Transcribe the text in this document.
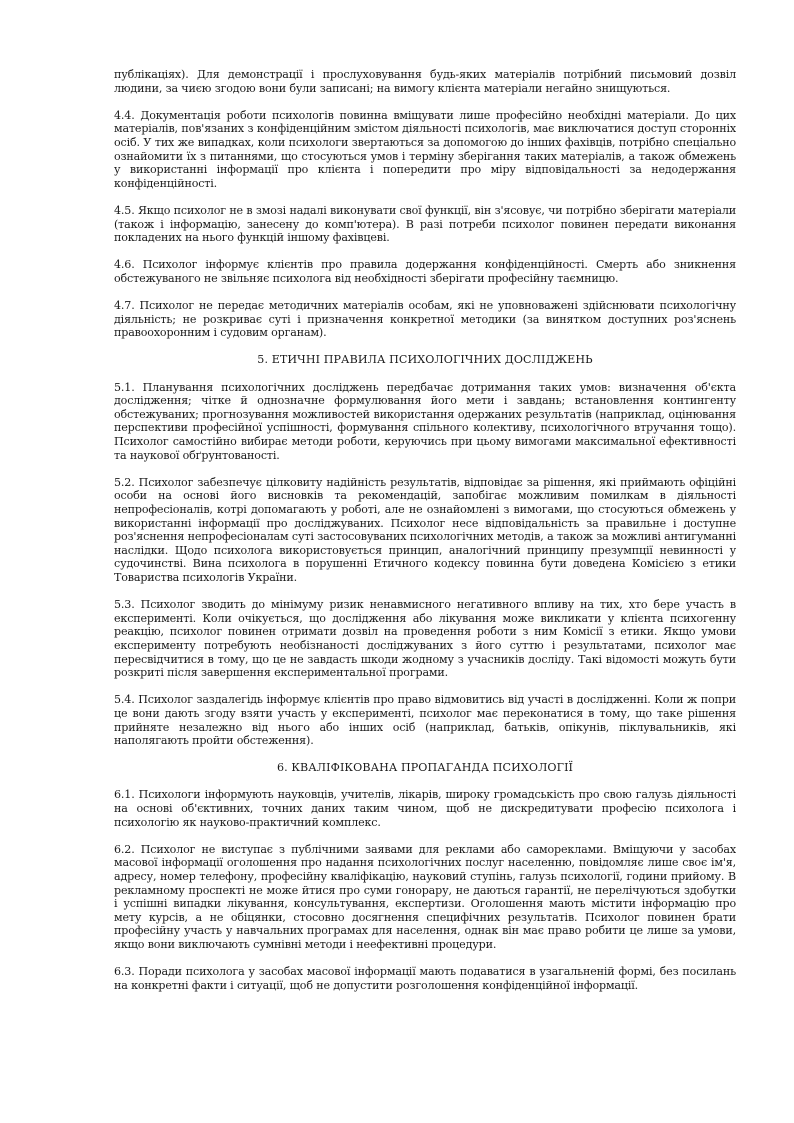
публікаціях). Для демонстрації і прослуховування будь-яких матеріалів потрібний письмовий дозвіл людини, за чиєю згодою вони були записані; на вимогу клієнта матеріали негайно знищуються.

4.4. Документація роботи психологів повинна вміщувати лише професійно необхідні матеріали. До цих матеріалів, пов'язаних з конфіденційним змістом діяльності психологів, має виключатися доступ сторонніх осіб. У тих же випадках, коли психологи звертаються за допомогою до інших фахівців, потрібно спеціально ознайомити їх з питаннями, що стосуються умов і терміну зберігання таких матеріалів, а також обмежень у використанні інформації про клієнта і попередити про міру відповідальності за недодержання конфіденційності.

4.5. Якщо психолог не в змозі надалі виконувати свої функції, він з'ясовує, чи потрібно зберігати матеріали (також і інформацію, занесену до комп'ютера). В разі потреби психолог повинен передати виконання покладених на нього функцій іншому фахівцеві.

4.6. Психолог інформує клієнтів про правила додержання конфіденційності. Смерть або зникнення обстежуваного не звільняє психолога від необхідності зберігати професійну таємницю.

4.7. Психолог не передає методичних матеріалів особам, які не уповноважені здійснювати психологічну діяльність; не розкриває суті і призначення конкретної методики (за винятком доступних роз'яснень правоохоронним і судовим органам).

5. ЕТИЧНІ ПРАВИЛА ПСИХОЛОГІЧНИХ ДОСЛІДЖЕНЬ

5.1. Планування психологічних досліджень передбачає дотримання таких умов: визначення об'єкта дослідження; чітке й однозначне формулювання його мети і завдань; встановлення контингенту обстежуваних; прогнозування можливостей використання одержаних результатів (наприклад, оцінювання перспективи професійної успішності, формування спільного колективу, психологічного втручання тощо). Психолог самостійно вибирає методи роботи, керуючись при цьому вимогами максимальної ефективності та наукової обґрунтованості.

5.2. Психолог забезпечує цілковиту надійність результатів, відповідає за рішення, які приймають офіційні особи на основі його висновків та рекомендацій, запобігає можливим помилкам в діяльності непрофесіоналів, котрі допомагають у роботі, але не ознайомлені з вимогами, що стосуються обмежень у використанні інформації про досліджуваних. Психолог несе відповідальність за правильне і доступне роз'яснення непрофесіоналам суті застосовуваних психологічних методів, а також за можливі антигуманні наслідки. Щодо психолога використовується принцип, аналогічний принципу презумпції невинності у судочинстві. Вина психолога в порушенні Етичного кодексу повинна бути доведена Комісією з етики Товариства психологів України.

5.3. Психолог зводить до мінімуму ризик ненавмисного негативного впливу на тих, хто бере участь в експерименті. Коли очікується, що дослідження або лікування може викликати у клієнта психогенну реакцію, психолог повинен отримати дозвіл на проведення роботи з ним Комісії з етики. Якщо умови експерименту потребують необізнаності досліджуваних з його суттю і результатами, психолог має пересвідчитися в тому, що це не завдасть шкоди жодному з учасників досліду. Такі відомості можуть бути розкриті після завершення експериментальної програми.

5.4. Психолог заздалегідь інформує клієнтів про право відмовитись від участі в дослідженні. Коли ж попри це вони дають згоду взяти участь у експерименті, психолог має переконатися в тому, що таке рішення прийняте незалежно від нього або інших осіб (наприклад, батьків, опікунів, піклувальників, які наполягають пройти обстеження).

6. КВАЛІФІКОВАНА ПРОПАГАНДА ПСИХОЛОГІЇ

6.1. Психологи інформують науковців, учителів, лікарів, широку громадськість про свою галузь діяльності на основі об'єктивних, точних даних таким чином, щоб не дискредитувати професію психолога і психологію як науково-практичний комплекс.

6.2. Психолог не виступає з публічними заявами для реклами або самореклами. Вміщуючи у засобах масової інформації оголошення про надання психологічних послуг населенню, повідомляє лише своє ім'я, адресу, номер телефону, професійну кваліфікацію, науковий ступінь, галузь психології, години прийому. В рекламному проспекті не може йтися про суми гонорару, не даються гарантії, не перелічуються здобутки і успішні випадки лікування, консультування, експертизи. Оголошення мають містити інформацію про мету курсів, а не обіцянки, стосовно досягнення специфічних результатів. Психолог повинен брати професійну участь у навчальних програмах для населення, однак він має право робити це лише за умови, якщо вони виключають сумнівні методи і неефективні процедури.

6.3. Поради психолога у засобах масової інформації мають подаватися в узагальненій формі, без посилань на конкретні факти і ситуації, щоб не допустити розголошення конфіденційної інформації.
